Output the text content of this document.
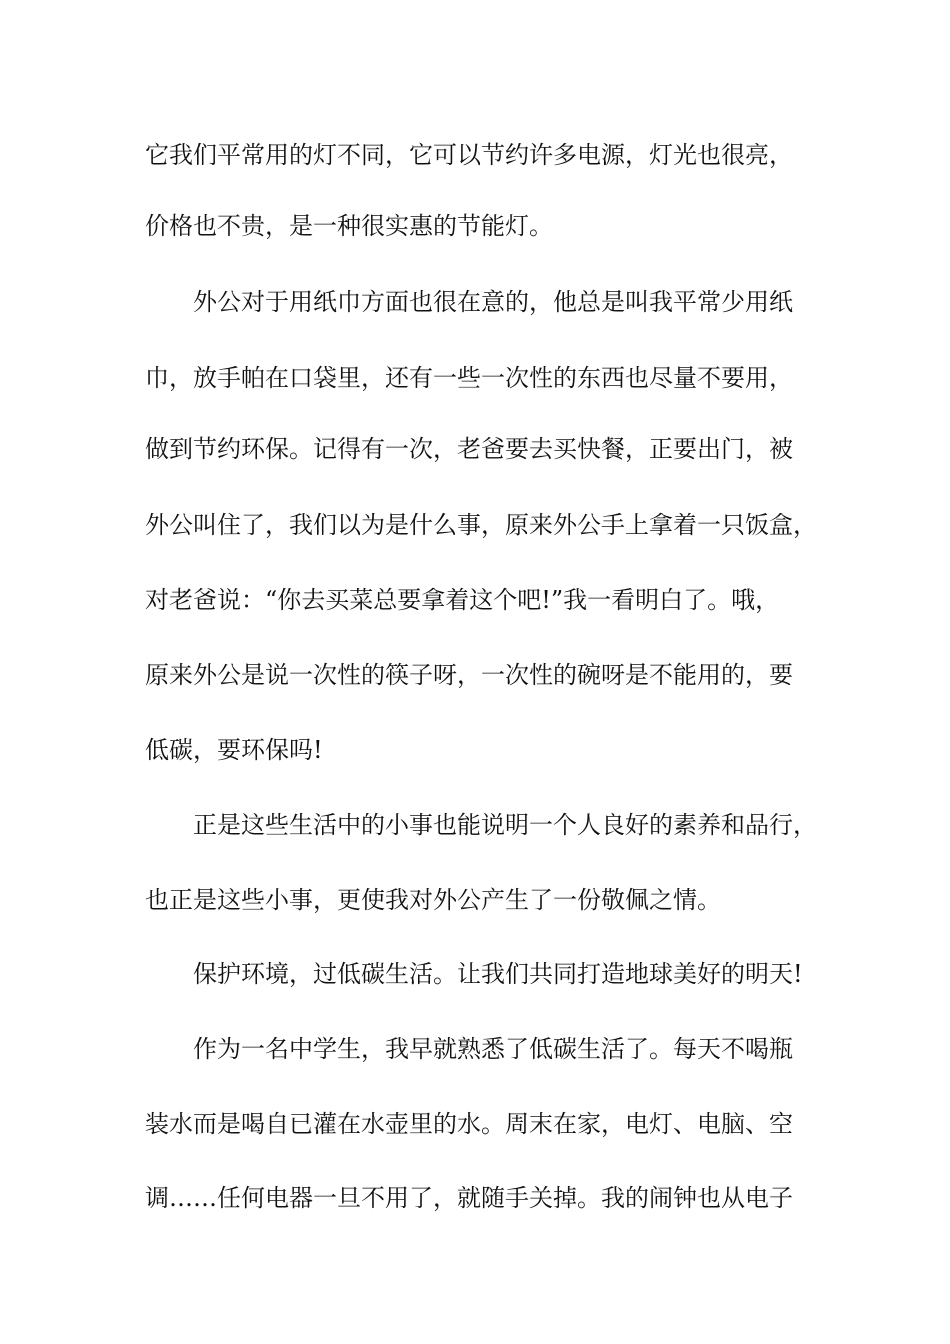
它我们平常用的灯不同，它可以节约许多电源，灯光也很亮，

价格也不贵，是一种很实惠的节能灯。

外公对于用纸巾方面也很在意的，他总是叫我平常少用纸

巾，放手帕在口袋里，还有一些一次性的东西也尽量不要用，

做到节约环保。记得有一次，老爸要去买快餐，正要出门，被

外公叫住了，我们以为是什么事，原来外公手上拿着一只饭盒，

对老爸说：“你去买菜总要拿着这个吧!”我一看明白了。哦，

原来外公是说一次性的筷子呀，一次性的碗呀是不能用的，要

低碳，要环保吗!

正是这些生活中的小事也能说明一个人良好的素养和品行，

也正是这些小事，更使我对外公产生了一份敬佩之情。

保护环境，过低碳生活。让我们共同打造地球美好的明天!

作为一名中学生，我早就熟悉了低碳生活了。每天不喝瓶

装水而是喝自已灌在水壶里的水。周末在家，电灯、电脑、空

调……任何电器一旦不用了，就随手关掉。我的闹钟也从电子
